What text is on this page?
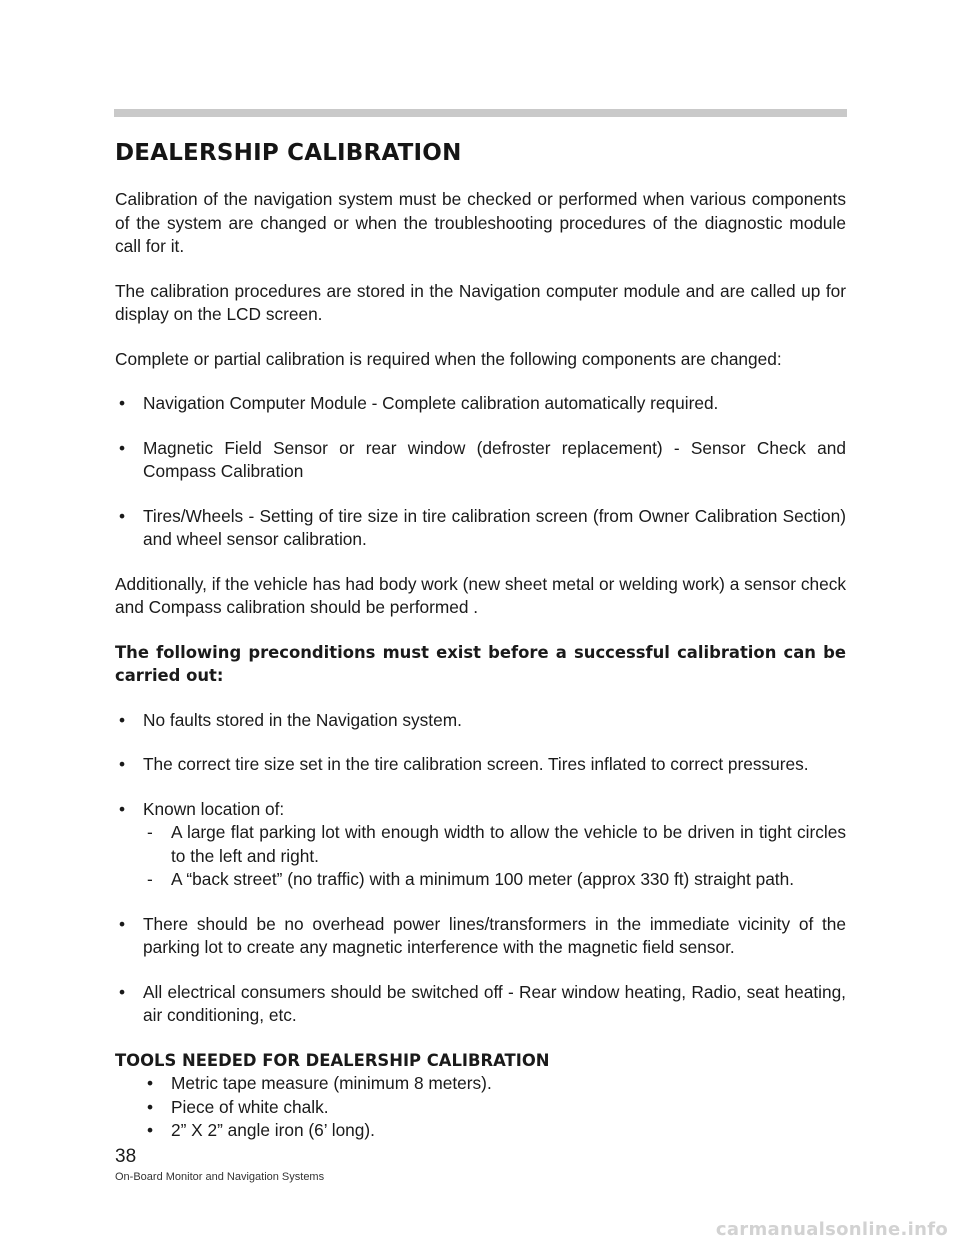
DEALERSHIP CALIBRATION

Calibration of the navigation system must be checked or performed when various components of the system are changed or when the troubleshooting procedures of the diagnostic module call for it.

The calibration procedures are stored in the Navigation computer module and are called up for display on the LCD screen.

Complete or partial calibration is required when the following components are changed:

• Navigation Computer Module - Complete calibration automatically required.
• Magnetic Field Sensor or rear window (defroster replacement) - Sensor Check and Compass Calibration
• Tires/Wheels - Setting of tire size in tire calibration screen (from Owner Calibration Section) and wheel sensor calibration.

Additionally, if the vehicle has had body work (new sheet metal or welding work) a sensor check and Compass calibration should be performed .

The following preconditions must exist before a successful calibration can be carried out:

• No faults stored in the Navigation system.
• The correct tire size set in the tire calibration screen. Tires inflated to correct pressures.
• Known location of:
- A large flat parking lot with enough width to allow the vehicle to be driven in tight circles to the left and right.
- A “back street” (no traffic) with a minimum 100 meter (approx 330 ft) straight path.
• There should be no overhead power lines/transformers in the immediate vicinity of the parking lot to create any magnetic interference with the magnetic field sensor.
• All electrical consumers should be switched off - Rear window heating, Radio, seat heating, air conditioning, etc.
TOOLS NEEDED FOR DEALERSHIP CALIBRATION
• Metric tape measure (minimum 8 meters).
• Piece of white chalk.
• 2” X 2” angle iron (6’ long).
38
On-Board Monitor and Navigation Systems
carmanualsonline.info
